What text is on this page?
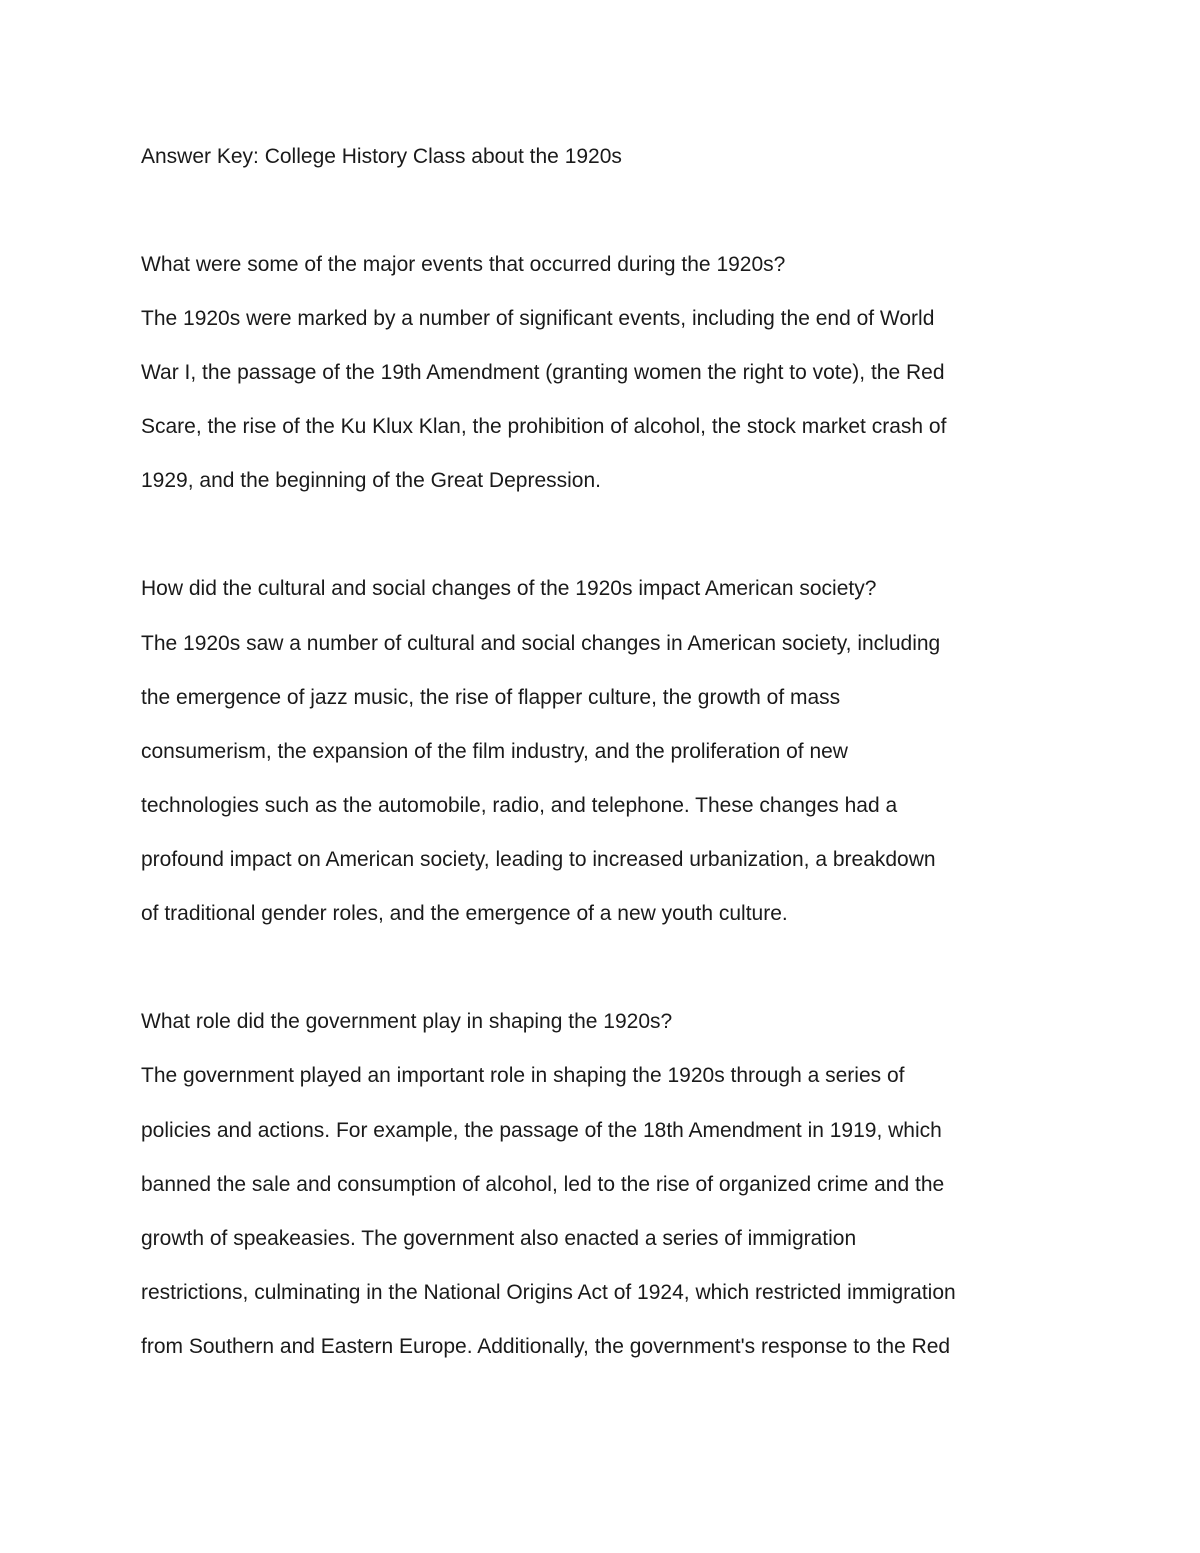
Answer Key: College History Class about the 1920s

What were some of the major events that occurred during the 1920s?

The 1920s were marked by a number of significant events, including the end of World

War I, the passage of the 19th Amendment (granting women the right to vote), the Red

Scare, the rise of the Ku Klux Klan, the prohibition of alcohol, the stock market crash of

1929, and the beginning of the Great Depression.

How did the cultural and social changes of the 1920s impact American society?

The 1920s saw a number of cultural and social changes in American society, including

the emergence of jazz music, the rise of flapper culture, the growth of mass

consumerism, the expansion of the film industry, and the proliferation of new

technologies such as the automobile, radio, and telephone. These changes had a

profound impact on American society, leading to increased urbanization, a breakdown

of traditional gender roles, and the emergence of a new youth culture.

What role did the government play in shaping the 1920s?

The government played an important role in shaping the 1920s through a series of

policies and actions. For example, the passage of the 18th Amendment in 1919, which

banned the sale and consumption of alcohol, led to the rise of organized crime and the

growth of speakeasies. The government also enacted a series of immigration

restrictions, culminating in the National Origins Act of 1924, which restricted immigration

from Southern and Eastern Europe. Additionally, the government's response to the Red
